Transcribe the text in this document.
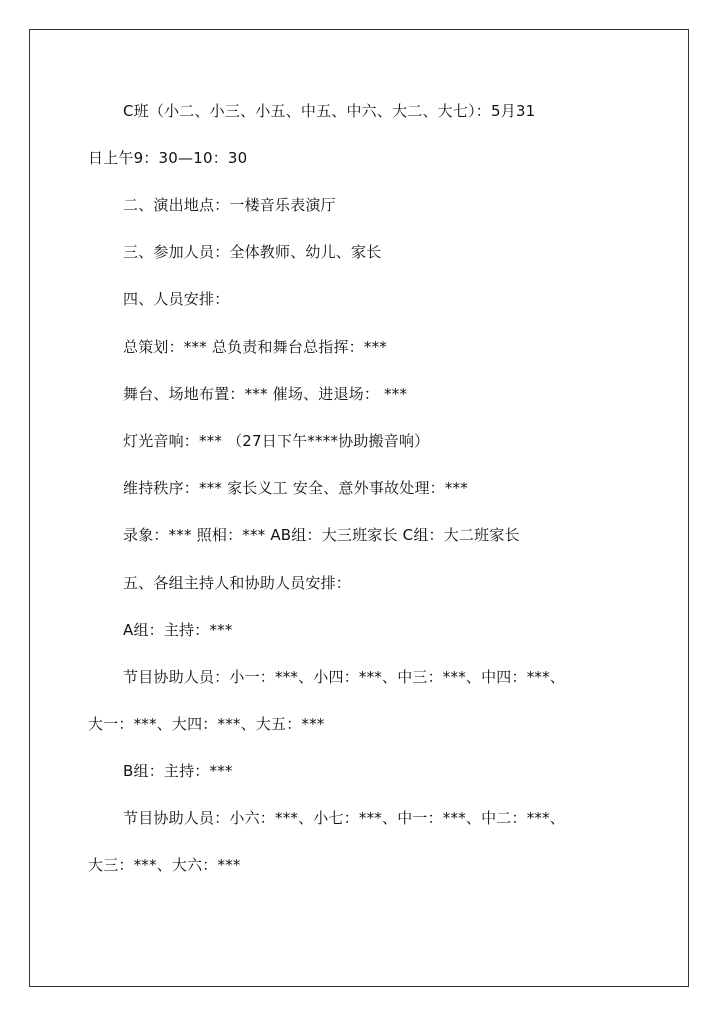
C班（小二、小三、小五、中五、中六、大二、大七）：5月31
日上午9：30—10：30
二、演出地点：一楼音乐表演厅
三、参加人员：全体教师、幼儿、家长
四、人员安排：
总策划：*** 总负责和舞台总指挥：***
舞台、场地布置：*** 催场、进退场： ***
灯光音响：*** （27日下午****协助搬音响）
维持秩序：*** 家长义工 安全、意外事故处理：***
录象：*** 照相：*** AB组：大三班家长 C组：大二班家长
五、各组主持人和协助人员安排：
A组：主持：***
节目协助人员：小一：***、小四：***、中三：***、中四：***、
大一：***、大四：***、大五：***
B组：主持：***
节目协助人员：小六：***、小七：***、中一：***、中二：***、
大三：***、大六：***
